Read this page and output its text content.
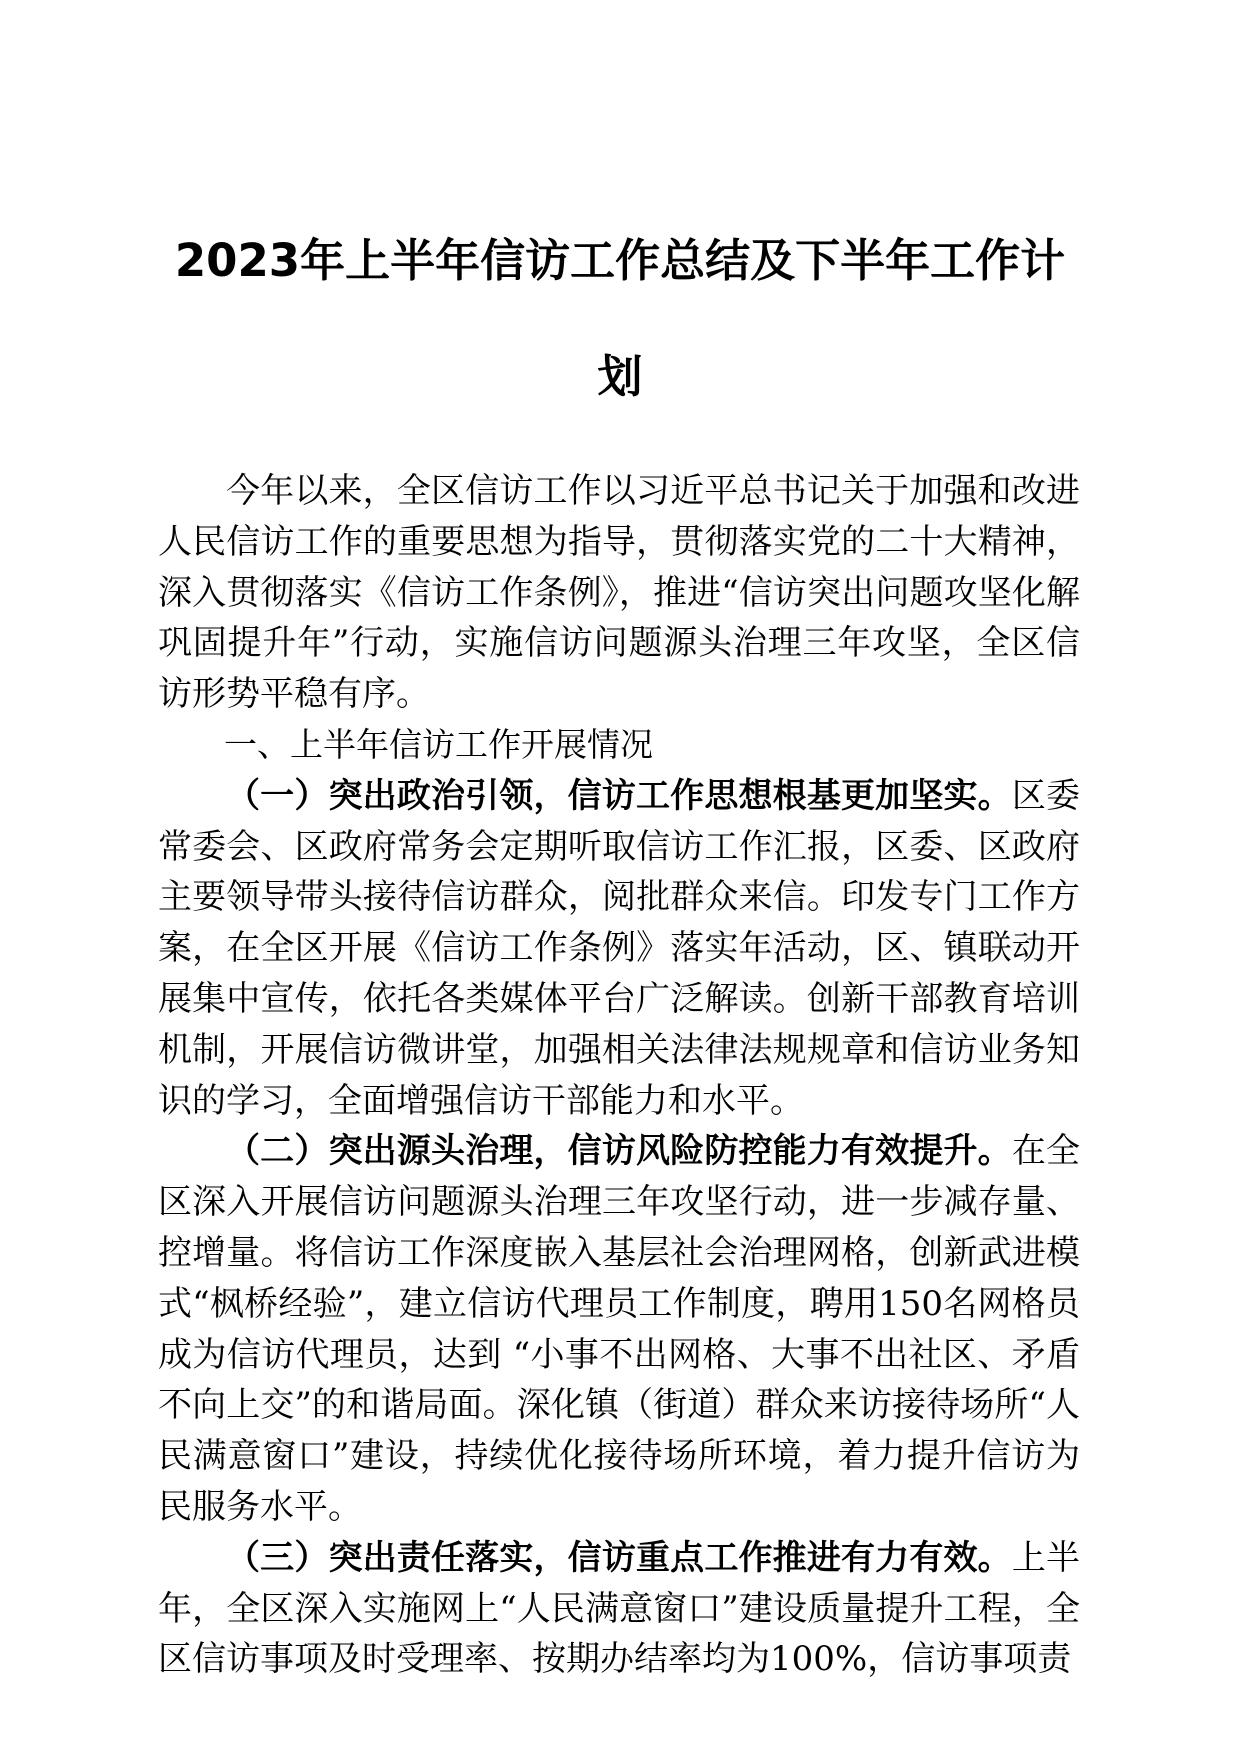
2023年上半年信访工作总结及下半年工作计
划

今年以来，全区信访工作以习近平总书记关于加强和改进人民信访工作的重要思想为指导，贯彻落实党的二十大精神，深入贯彻落实《信访工作条例》，推进“信访突出问题攻坚化解巩固提升年”行动，实施信访问题源头治理三年攻坚，全区信访形势平稳有序。

一、上半年信访工作开展情况

（一）突出政治引领，信访工作思想根基更加坚实。区委常委会、区政府常务会定期听取信访工作汇报，区委、区政府主要领导带头接待信访群众，阅批群众来信。印发专门工作方案，在全区开展《信访工作条例》落实年活动，区、镇联动开展集中宣传，依托各类媒体平台广泛解读。创新干部教育培训机制，开展信访微讲堂，加强相关法律法规规章和信访业务知识的学习，全面增强信访干部能力和水平。

（二）突出源头治理，信访风险防控能力有效提升。在全区深入开展信访问题源头治理三年攻坚行动，进一步减存量、控增量。将信访工作深度嵌入基层社会治理网格，创新武进模式“枫桥经验”，建立信访代理员工作制度，聘用150名网格员成为信访代理员，达到 “小事不出网格、大事不出社区、矛盾不向上交”的和谐局面。深化镇（街道）群众来访接待场所“人民满意窗口”建设，持续优化接待场所环境，着力提升信访为民服务水平。

（三）突出责任落实，信访重点工作推进有力有效。上半年，全区深入实施网上“人民满意窗口”建设质量提升工程，全区信访事项及时受理率、按期办结率均为100%，信访事项责
